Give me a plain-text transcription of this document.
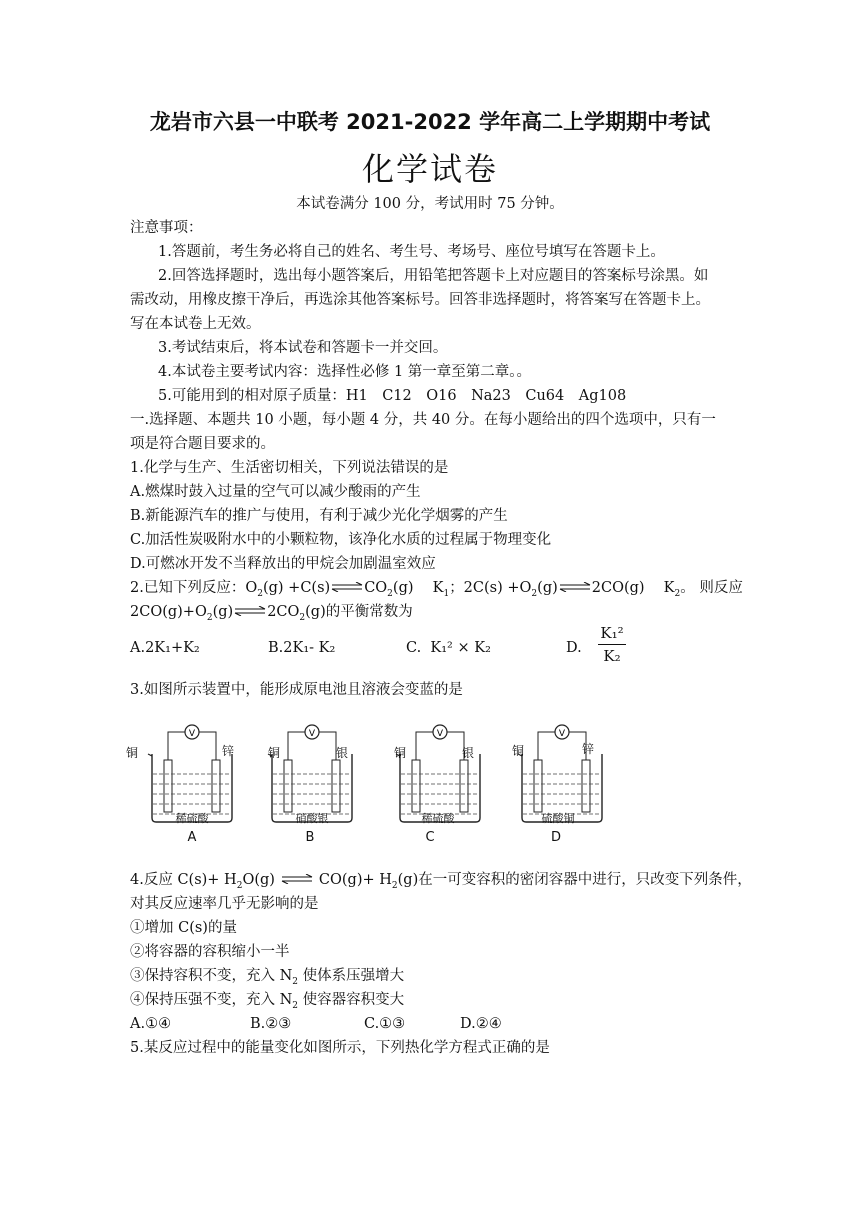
龙岩市六县一中联考 2021-2022 学年高二上学期期中考试
化学试卷
本试卷满分 100 分，考试用时 75 分钟。
注意事项：
1.答题前，考生务必将自己的姓名、考生号、考场号、座位号填写在答题卡上。
2.回答选择题时，选出每小题答案后，用铅笔把答题卡上对应题目的答案标号涂黑。如
需改动，用橡皮擦干净后，再选涂其他答案标号。回答非选择题时，将答案写在答题卡上。
写在本试卷上无效。
3.考试结束后，将本试卷和答题卡一并交回。
4.本试卷主要考试内容：选择性必修 1 第一章至第二章。。
5.可能用到的相对原子质量：H1　C12　O16　Na23　Cu64　Ag108
一.选择题、本题共 10 小题，每小题 4 分，共 40 分。在每小题给出的四个选项中，只有一
项是符合题目要求的。
1.化学与生产、生活密切相关，下列说法错误的是
A.燃煤时鼓入过量的空气可以减少酸雨的产生
B.新能源汽车的推广与使用，有利于减少光化学烟雾的产生
C.加活性炭吸附水中的小颗粒物，该净化水质的过程属于物理变化
D.可燃冰开发不当释放出的甲烷会加剧温室效应
2.已知下列反应：$O_2(g)$ $+C(s)\rightleftharpoons CO_2(g)$　 $K_1$；$2C(s) +O_2(g)\rightleftharpoons 2CO(g)$　 $K_2$。 则反应
$2CO(g)+O_2(g)\rightleftharpoons 2CO_2(g)$的平衡常数为
A.2K₁+K₂	B.2K₁- K₂	C. K₁² × K₂	D.
K₁²
K₂
3.如图所示装置中，能形成原电池且溶液会变蓝的是
V
铜	锌
稀硫酸
A
V
铜	银
硝酸银
B
V
铜	银
稀硫酸
C
V
铜	锌
硫酸铜
D
4.反应 $C(s)+ H_2O(g)\rightleftharpoons CO(g)+ H_2(g)$在一可变容积的密闭容器中进行，只改变下列条件，
对其反应速率几乎无影响的是
①增加 C(s)的量
②将容器的容积缩小一半
③保持容积不变，充入 $N_2$ 使体系压强增大
④保持压强不变，充入 $N_2$ 使容器容积变大
A.①④	B.②③	C.①③	D.②④
5.某反应过程中的能量变化如图所示，下列热化学方程式正确的是
